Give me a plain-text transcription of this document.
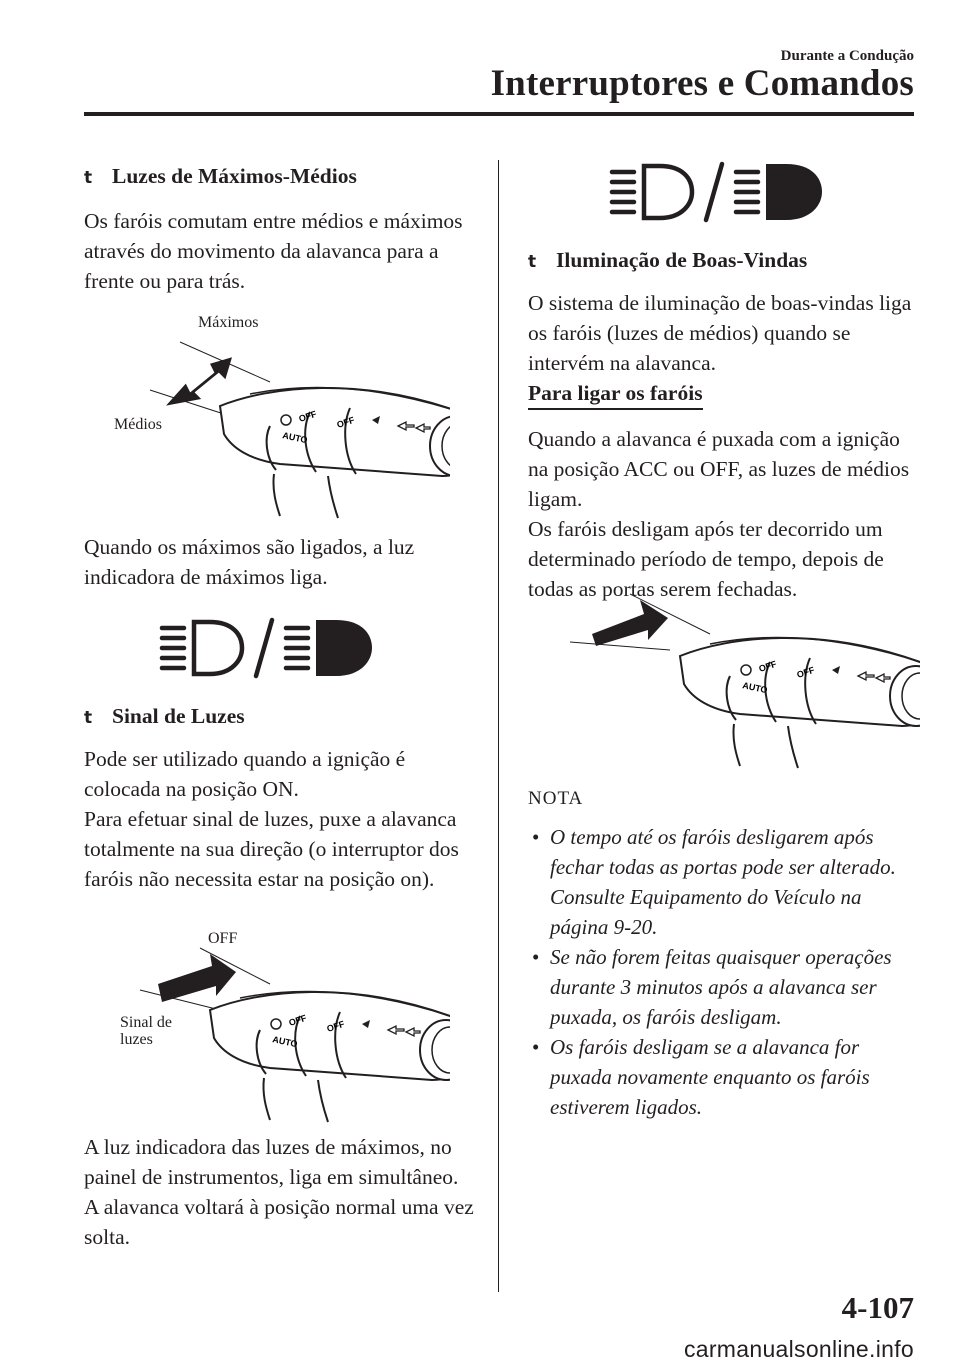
Durante a Condução
Interruptores e Comandos
t Luzes de Máximos-Médios

Os faróis comutam entre médios e máximos através do movimento da alavanca para a frente ou para trás.

Máximos
Médios

Quando os máximos são ligados, a luz indicadora de máximos liga.

t Sinal de Luzes

Pode ser utilizado quando a ignição é colocada na posição ON.
Para efetuar sinal de luzes, puxe a alavanca totalmente na sua direção (o interruptor dos faróis não necessita estar na posição on).

OFF
Sinal de
luzes

A luz indicadora das luzes de máximos, no painel de instrumentos, liga em simultâneo. A alavanca voltará à posição normal uma vez solta.

t Iluminação de Boas-Vindas

O sistema de iluminação de boas-vindas liga os faróis (luzes de médios) quando se intervém na alavanca.

Para ligar os faróis

Quando a alavanca é puxada com a ignição na posição ACC ou OFF, as luzes de médios ligam.
Os faróis desligam após ter decorrido um determinado período de tempo, depois de todas as portas serem fechadas.

NOTA
• O tempo até os faróis desligarem após fechar todas as portas pode ser alterado.
Consulte Equipamento do Veículo na página 9-20.
• Se não forem feitas quaisquer operações durante 3 minutos após a alavanca ser puxada, os faróis desligam.
• Os faróis desligam se a alavanca for puxada novamente enquanto os faróis estiverem ligados.
4-107
carmanualsonline.info
